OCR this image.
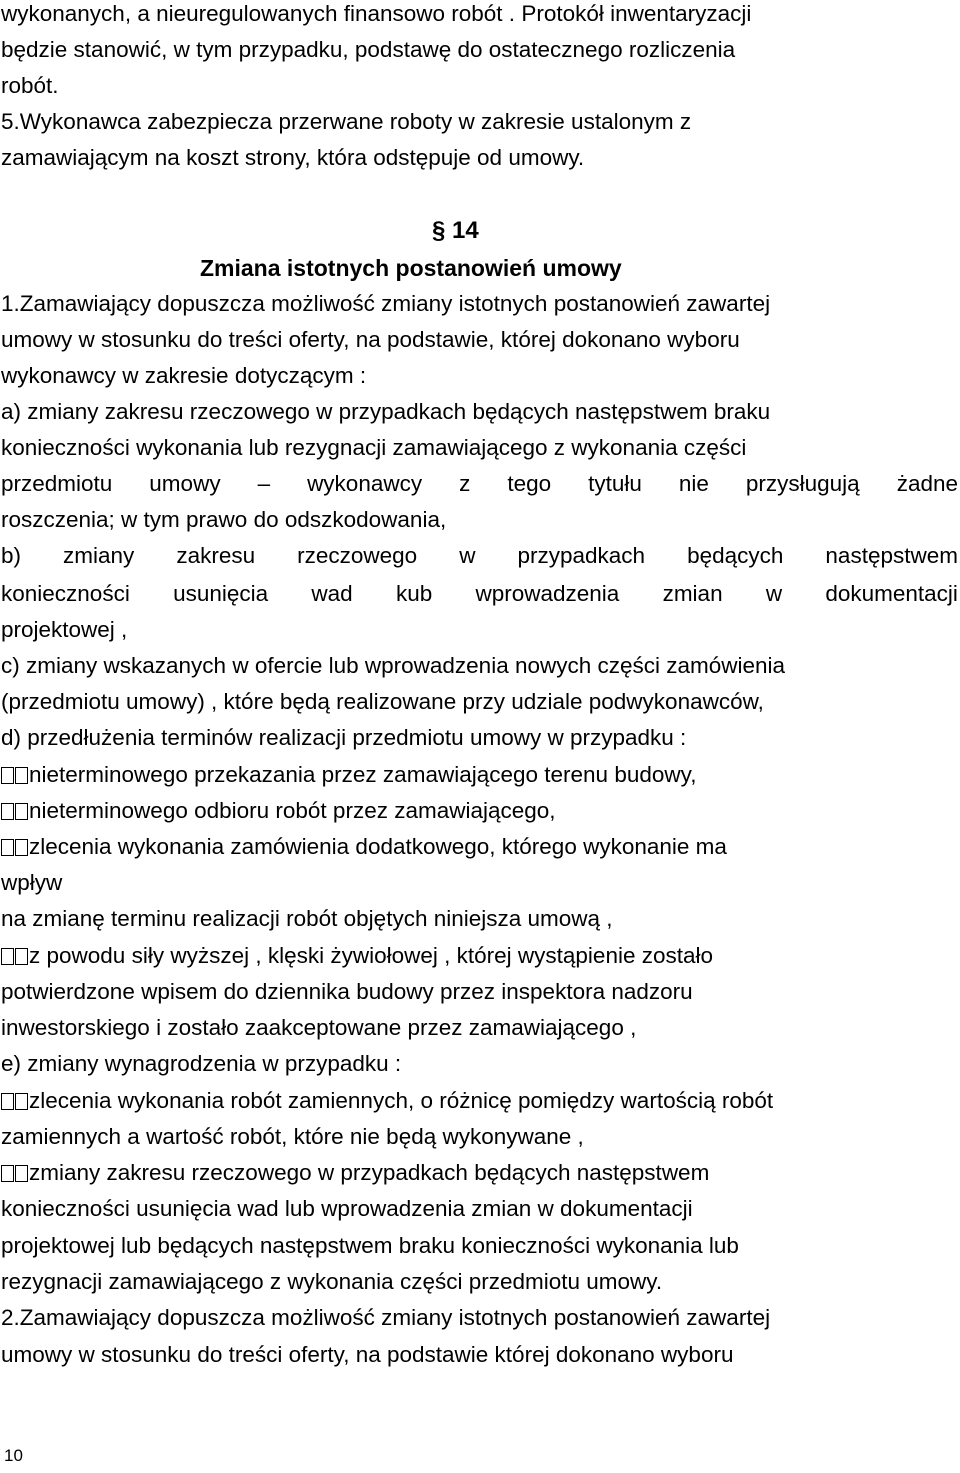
wykonanych, a nieuregulowanych finansowo robót . Protokół inwentaryzacji
będzie stanowić, w tym przypadku, podstawę do ostatecznego rozliczenia
robót.
5.Wykonawca zabezpiecza przerwane roboty w zakresie ustalonym z
zamawiającym na koszt strony, która odstępuje od umowy.
§ 14
Zmiana istotnych postanowień umowy
1.Zamawiający dopuszcza możliwość zmiany istotnych postanowień zawartej
umowy w stosunku do treści oferty, na podstawie, której dokonano wyboru
wykonawcy w zakresie dotyczącym :
a) zmiany zakresu rzeczowego w przypadkach będących następstwem braku
konieczności wykonania lub rezygnacji zamawiającego z wykonania części
przedmiotu umowy – wykonawcy z tego tytułu nie przysługują żadne
roszczenia; w tym prawo do odszkodowania,
b) zmiany zakresu rzeczowego w przypadkach będących następstwem
konieczności usunięcia wad kub wprowadzenia zmian w dokumentacji
projektowej ,
c) zmiany wskazanych w ofercie lub wprowadzenia nowych części zamówienia
(przedmiotu umowy) , które będą realizowane przy udziale podwykonawców,
d) przedłużenia terminów realizacji przedmiotu umowy w przypadku :
nieterminowego przekazania przez zamawiającego terenu budowy,
nieterminowego odbioru robót przez zamawiającego,
zlecenia wykonania zamówienia dodatkowego, którego wykonanie ma
wpływ
na zmianę terminu realizacji robót objętych niniejsza umową ,
z powodu siły wyższej , klęski żywiołowej , której wystąpienie zostało
potwierdzone wpisem do dziennika budowy przez inspektora nadzoru
inwestorskiego i zostało zaakceptowane przez zamawiającego ,
e) zmiany wynagrodzenia w przypadku :
zlecenia wykonania robót zamiennych, o różnicę pomiędzy wartością robót
zamiennych a wartość robót, które nie będą wykonywane ,
zmiany zakresu rzeczowego w przypadkach będących następstwem
konieczności usunięcia wad lub wprowadzenia zmian w dokumentacji
projektowej lub będących następstwem braku konieczności wykonania lub
rezygnacji zamawiającego z wykonania części przedmiotu umowy.
2.Zamawiający dopuszcza możliwość zmiany istotnych postanowień zawartej
umowy w stosunku do treści oferty, na podstawie której dokonano wyboru
10
